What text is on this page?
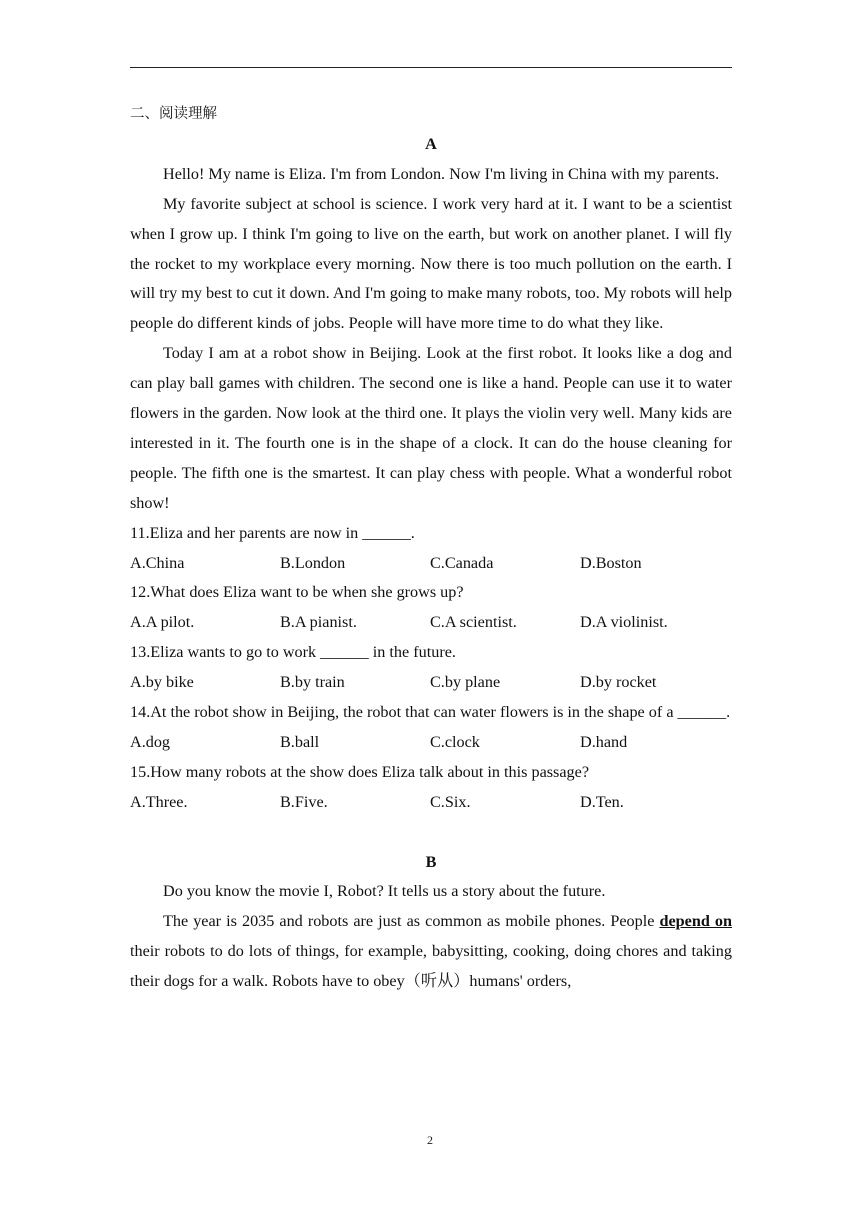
二、阅读理解
A
Hello! My name is Eliza. I'm from London. Now I'm living in China with my parents.
My favorite subject at school is science. I work very hard at it. I want to be a scientist when I grow up. I think I'm going to live on the earth, but work on another planet. I will fly the rocket to my workplace every morning. Now there is too much pollution on the earth. I will try my best to cut it down. And I'm going to make many robots, too. My robots will help people do different kinds of jobs. People will have more time to do what they like.
Today I am at a robot show in Beijing. Look at the first robot. It looks like a dog and can play ball games with children. The second one is like a hand. People can use it to water flowers in the garden. Now look at the third one. It plays the violin very well. Many kids are interested in it. The fourth one is in the shape of a clock. It can do the house cleaning for people. The fifth one is the smartest. It can play chess with people. What a wonderful robot show!
11.Eliza and her parents are now in ______.
A.China	B.London	C.Canada	D.Boston
12.What does Eliza want to be when she grows up?
A.A pilot.	B.A pianist.	C.A scientist.	D.A violinist.
13.Eliza wants to go to work ______ in the future.
A.by bike	B.by train	C.by plane	D.by rocket
14.At the robot show in Beijing, the robot that can water flowers is in the shape of a ______.
A.dog	B.ball	C.clock	D.hand
15.How many robots at the show does Eliza talk about in this passage?
A.Three.	B.Five.	C.Six.	D.Ten.
B
Do you know the movie I, Robot? It tells us a story about the future.
The year is 2035 and robots are just as common as mobile phones. People depend on their robots to do lots of things, for example, babysitting, cooking, doing chores and taking their dogs for a walk. Robots have to obey（听从）humans' orders,
2
